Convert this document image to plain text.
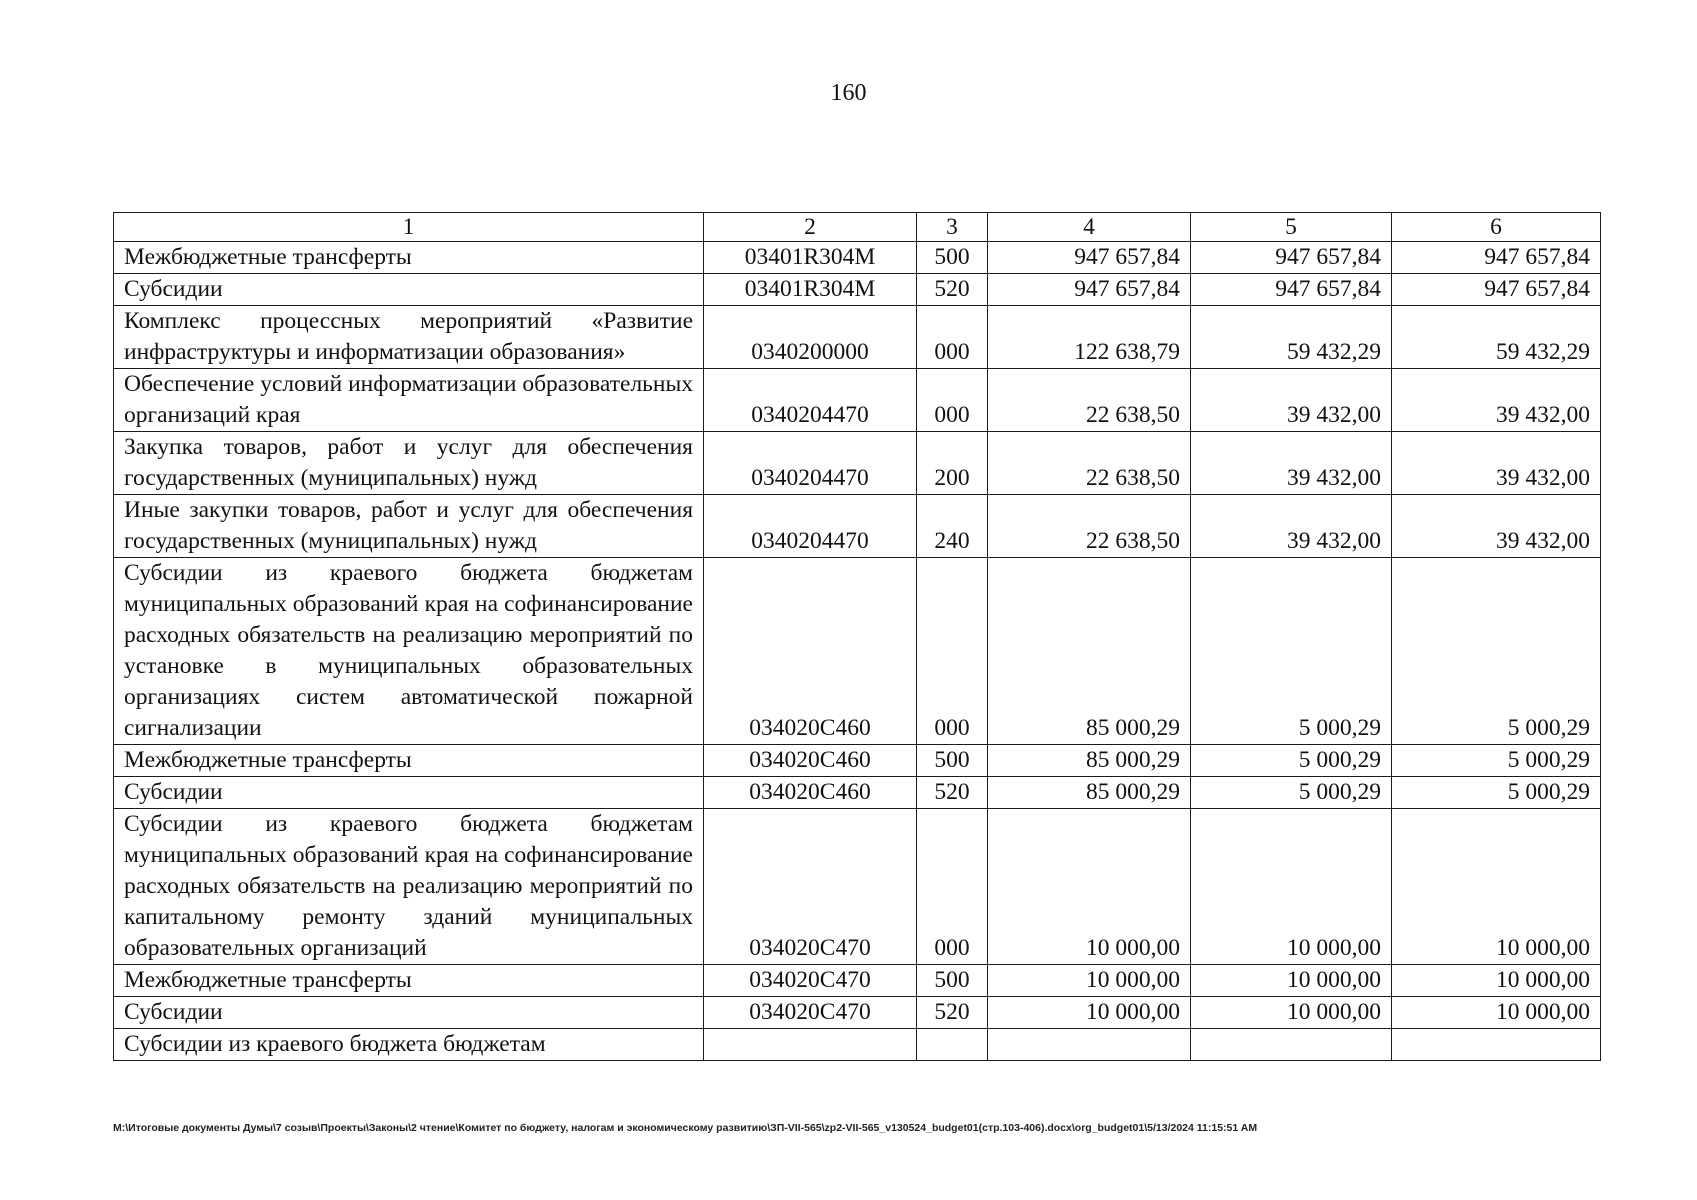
160
1	2	3	4	5	6
Межбюджетные трансферты	03401R304М	500	947 657,84	947 657,84	947 657,84
Субсидии	03401R304М	520	947 657,84	947 657,84	947 657,84
Комплекс процессных мероприятий «Развитие инфраструктуры и информатизации образования»	0340200000	000	122 638,79	59 432,29	59 432,29
Обеспечение условий информатизации образовательных организаций края	0340204470	000	22 638,50	39 432,00	39 432,00
Закупка товаров, работ и услуг для обеспечения государственных (муниципальных) нужд	0340204470	200	22 638,50	39 432,00	39 432,00
Иные закупки товаров, работ и услуг для обеспечения государственных (муниципальных) нужд	0340204470	240	22 638,50	39 432,00	39 432,00
Субсидии из краевого бюджета бюджетам муниципальных образований края на софинансирование расходных обязательств на реализацию мероприятий по установке в муниципальных образовательных организациях систем автоматической пожарной сигнализации	034020С460	000	85 000,29	5 000,29	5 000,29
Межбюджетные трансферты	034020С460	500	85 000,29	5 000,29	5 000,29
Субсидии	034020С460	520	85 000,29	5 000,29	5 000,29
Субсидии из краевого бюджета бюджетам муниципальных образований края на софинансирование расходных обязательств на реализацию мероприятий по капитальному ремонту зданий муниципальных образовательных организаций	034020С470	000	10 000,00	10 000,00	10 000,00
Межбюджетные трансферты	034020С470	500	10 000,00	10 000,00	10 000,00
Субсидии	034020С470	520	10 000,00	10 000,00	10 000,00
Субсидии из краевого бюджета бюджетам					
M:\Итоговые документы Думы\7 созыв\Проекты\Законы\2 чтение\Комитет по бюджету, налогам и экономическому развитию\ЗП-VII-565\zp2-VII-565_v130524_budget01(стр.103-406).docx\org_budget01\5/13/2024 11:15:51 AM
